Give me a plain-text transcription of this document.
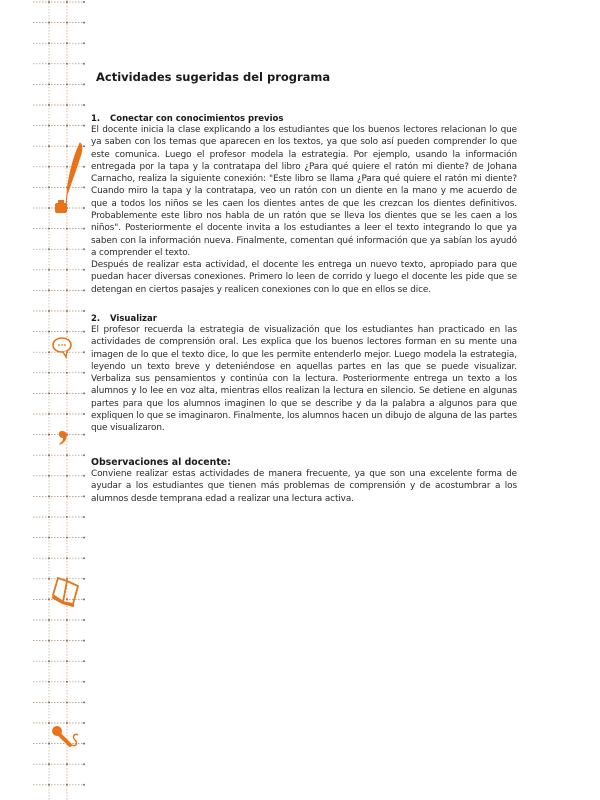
Actividades sugeridas del programa
1. Conectar con conocimientos previos

El docente inicia la clase explicando a los estudiantes que los buenos lectores relacionan lo que ya saben con los temas que aparecen en los textos, ya que solo así pueden comprender lo que este comunica. Luego el profesor modela la estrategia. Por ejemplo, usando la información entregada por la tapa y la contratapa del libro ¿Para qué quiere el ratón mi diente? de Johana Carnacho, realiza la siguiente conexión: "Este libro se llama ¿Para qué quiere el ratón mi diente? Cuando miro la tapa y la contratapa, veo un ratón con un diente en la mano y me acuerdo de que a todos los niños se les caen los dientes antes de que les crezcan los dientes definitivos. Probablemente este libro nos habla de un ratón que se lleva los dientes que se les caen a los niños". Posteriormente el docente invita a los estudiantes a leer el texto integrando lo que ya saben con la información nueva. Finalmente, comentan qué información que ya sabían los ayudó a comprender el texto.

Después de realizar esta actividad, el docente les entrega un nuevo texto, apropiado para que puedan hacer diversas conexiones. Primero lo leen de corrido y luego el docente les pide que se detengan en ciertos pasajes y realicen conexiones con lo que en ellos se dice.

2. Visualizar

El profesor recuerda la estrategia de visualización que los estudiantes han practicado en las actividades de comprensión oral. Les explica que los buenos lectores forman en su mente una imagen de lo que el texto dice, lo que les permite entenderlo mejor. Luego modela la estrategia, leyendo un texto breve y deteniéndose en aquellas partes en las que se puede visualizar. Verbaliza sus pensamientos y continúa con la lectura. Posteriormente entrega un texto a los alumnos y lo lee en voz alta, mientras ellos realizan la lectura en silencio. Se detiene en algunas partes para que los alumnos imaginen lo que se describe y da la palabra a algunos para que expliquen lo que se imaginaron. Finalmente, los alumnos hacen un dibujo de alguna de las partes que visualizaron.

Observaciones al docente:

Conviene realizar estas actividades de manera frecuente, ya que son una excelente forma de ayudar a los estudiantes que tienen más problemas de comprensión y de acostumbrar a los alumnos desde temprana edad a realizar una lectura activa.
